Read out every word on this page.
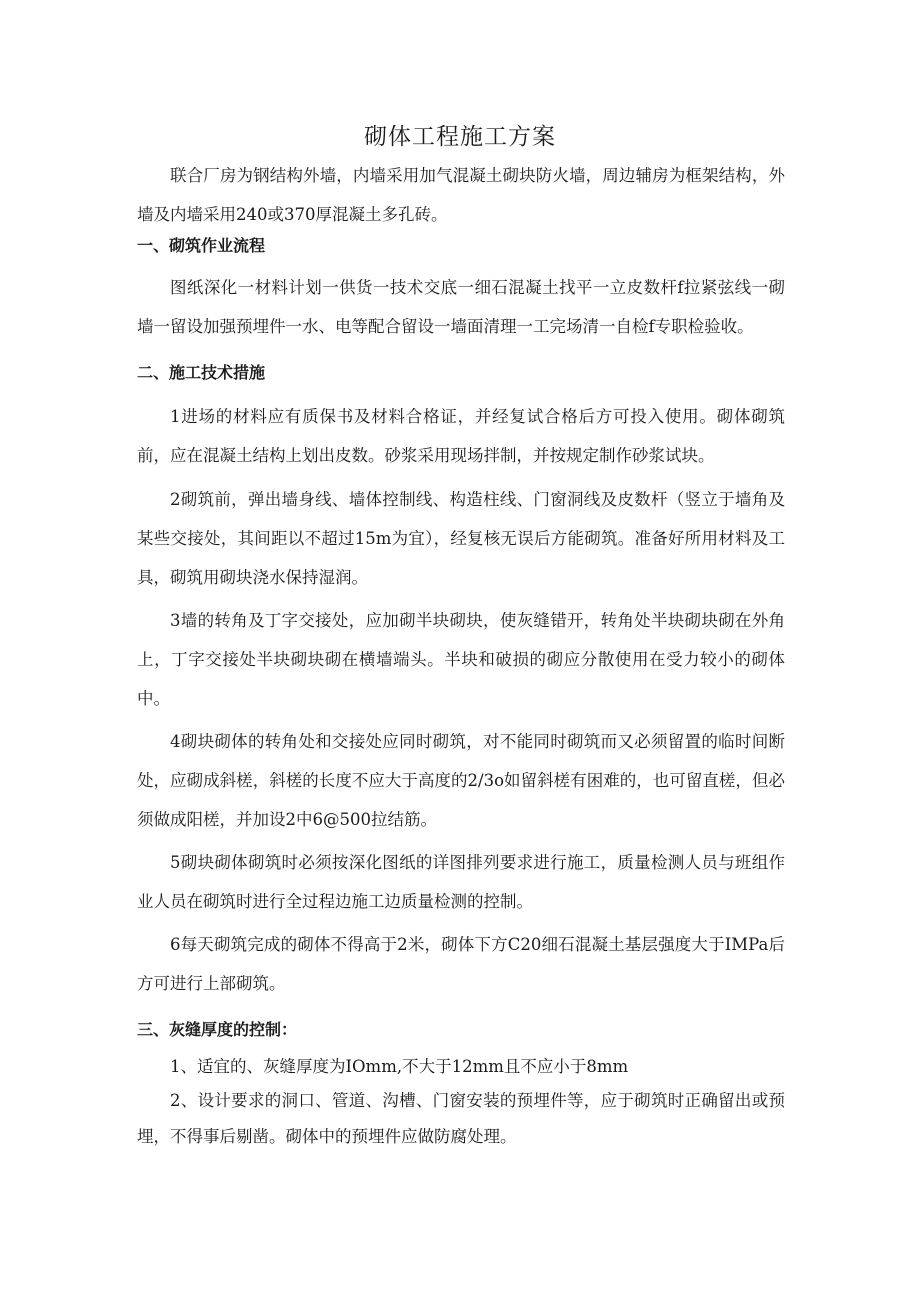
砌体工程施工方案

联合厂房为钢结构外墙，内墙采用加气混凝土砌块防火墙，周边辅房为框架结构，外墙及内墙采用240或370厚混凝土多孔砖。

一、砌筑作业流程

图纸深化一材料计划一供货一技术交底一细石混凝土找平一立皮数杆f拉紧弦线一砌墙一留设加强预埋件一水、电等配合留设一墙面清理一工完场清一自检f专职检验收。

二、施工技术措施

1进场的材料应有质保书及材料合格证，并经复试合格后方可投入使用。砌体砌筑前，应在混凝土结构上划出皮数。砂浆采用现场拌制，并按规定制作砂浆试块。

2砌筑前，弹出墙身线、墙体控制线、构造柱线、门窗洞线及皮数杆（竖立于墙角及某些交接处，其间距以不超过15m为宜），经复核无误后方能砌筑。准备好所用材料及工具，砌筑用砌块浇水保持湿润。

3墙的转角及丁字交接处，应加砌半块砌块，使灰缝错开，转角处半块砌块砌在外角上，丁字交接处半块砌块砌在横墙端头。半块和破损的砌应分散使用在受力较小的砌体中。

4砌块砌体的转角处和交接处应同时砌筑，对不能同时砌筑而又必须留置的临时间断处，应砌成斜槎，斜槎的长度不应大于高度的2/3o如留斜槎有困难的，也可留直槎，但必须做成阳槎，并加设2中6@500拉结筋。

5砌块砌体砌筑时必须按深化图纸的详图排列要求进行施工，质量检测人员与班组作业人员在砌筑时进行全过程边施工边质量检测的控制。

6每天砌筑完成的砌体不得高于2米，砌体下方C20细石混凝土基层强度大于IMPa后方可进行上部砌筑。

三、灰缝厚度的控制：

1、适宜的、灰缝厚度为IOmm,不大于12mm且不应小于8mm

2、设计要求的洞口、管道、沟槽、门窗安装的预埋件等，应于砌筑时正确留出或预埋，不得事后剔凿。砌体中的预埋件应做防腐处理。
